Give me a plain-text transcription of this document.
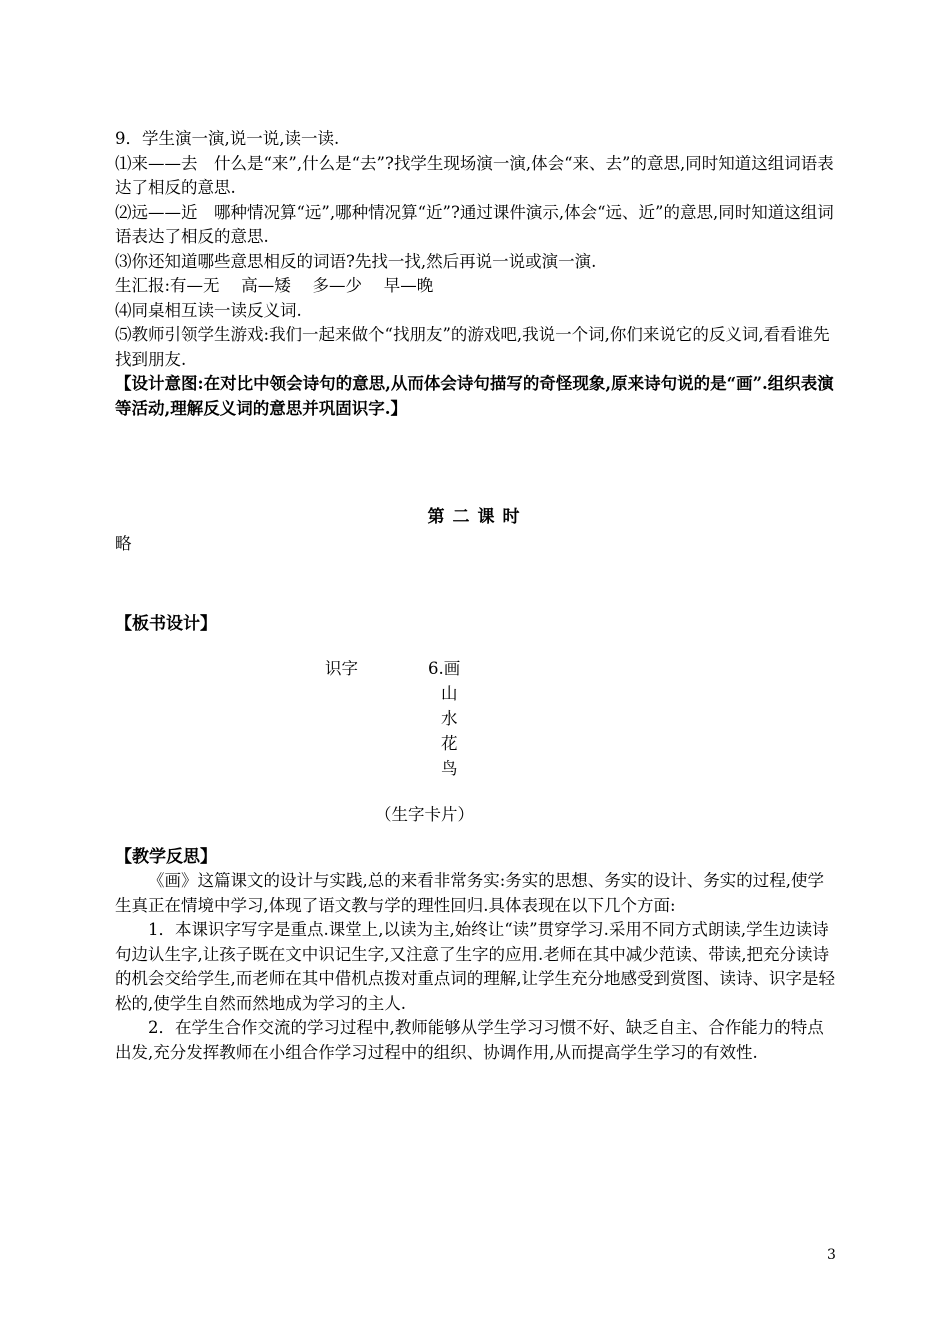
9．学生演一演,说一说,读一读.

⑴来——去　什么是“来”,什么是“去”?找学生现场演一演,体会“来、去”的意思,同时知道这组词语表达了相反的意思.

⑵远——近　哪种情况算“远”,哪种情况算“近”?通过课件演示,体会“远、近”的意思,同时知道这组词语表达了相反的意思.

⑶你还知道哪些意思相反的词语?先找一找,然后再说一说或演一演.

生汇报:有—无　 高—矮　 多—少　 早—晚

⑷同桌相互读一读反义词.

⑸教师引领学生游戏:我们一起来做个“找朋友”的游戏吧,我说一个词,你们来说它的反义词,看看谁先找到朋友.

【设计意图:在对比中领会诗句的意思,从而体会诗句描写的奇怪现象,原来诗句说的是“画”.组织表演等活动,理解反义词的意思并巩固识字.】

第二课时

略

【板书设计】

识字	6.画
山
水
花
鸟
（生字卡片）

【教学反思】

《画》这篇课文的设计与实践,总的来看非常务实:务实的思想、务实的设计、务实的过程,使学生真正在情境中学习,体现了语文教与学的理性回归.具体表现在以下几个方面:

1．本课识字写字是重点.课堂上,以读为主,始终让“读”贯穿学习.采用不同方式朗读,学生边读诗句边认生字,让孩子既在文中识记生字,又注意了生字的应用.老师在其中减少范读、带读,把充分读诗的机会交给学生,而老师在其中借机点拨对重点词的理解,让学生充分地感受到赏图、读诗、识字是轻松的,使学生自然而然地成为学习的主人.

2．在学生合作交流的学习过程中,教师能够从学生学习习惯不好、缺乏自主、合作能力的特点出发,充分发挥教师在小组合作学习过程中的组织、协调作用,从而提高学生学习的有效性.

3
